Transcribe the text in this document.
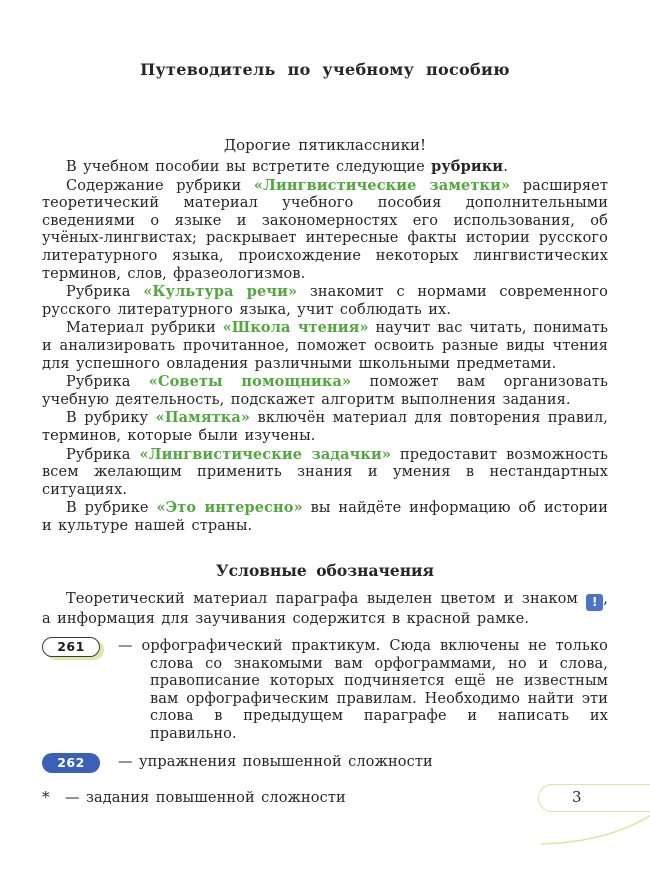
Путеводитель по учебному пособию

Дорогие пятиклассники!

В учебном пособии вы встретите следующие рубрики.

Содержание рубрики «Лингвистические заметки» расширяет теоретический материал учебного пособия дополнительными сведениями о языке и закономерностях его использования, об учёных-лингвистах; раскрывает интересные факты истории русского литературного языка, происхождение некоторых лингвистических терминов, слов, фразеологизмов.

Рубрика «Культура речи» знакомит с нормами современного русского литературного языка, учит соблюдать их.

Материал рубрики «Школа чтения» научит вас читать, понимать и анализировать прочитанное, поможет освоить разные виды чтения для успешного овладения различными школьными предметами.

Рубрика «Советы помощника» поможет вам организовать учебную деятельность, подскажет алгоритм выполнения задания.

В рубрику «Памятка» включён материал для повторения правил, терминов, которые были изучены.

Рубрика «Лингвистические задачки» предоставит возможность всем желающим применить знания и умения в нестандартных ситуациях.

В рубрике «Это интересно» вы найдёте информацию об истории и культуре нашей страны.

Условные обозначения

Теоретический материал параграфа выделен цветом и знаком ! , а информация для заучивания содержится в красной рамке.

261	— орфографический практикум. Сюда включены не только слова со знакомыми вам орфограммами, но и слова, правописание которых подчиняется ещё не известным вам орфографическим правилам. Необходимо найти эти слова в предыдущем параграфе и написать их правильно.
262	— упражнения повышенной сложности

* — задания повышенной сложности	3
